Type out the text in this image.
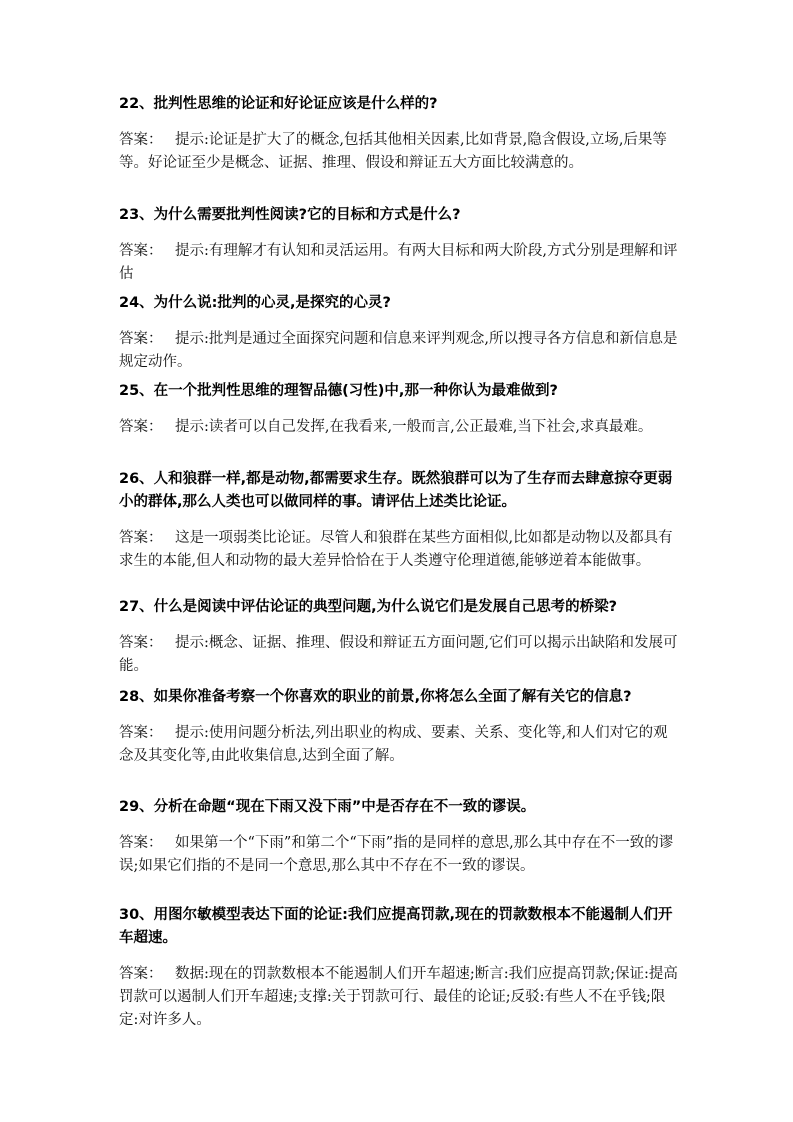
22、批判性思维的论证和好论证应该是什么样的?

答案： 提示:论证是扩大了的概念,包括其他相关因素,比如背景,隐含假设,立场,后果等等。好论证至少是概念、证据、推理、假设和辩证五大方面比较满意的。

23、为什么需要批判性阅读?它的目标和方式是什么?

答案： 提示:有理解才有认知和灵活运用。有两大目标和两大阶段,方式分别是理解和评估

24、为什么说:批判的心灵,是探究的心灵?

答案： 提示:批判是通过全面探究问题和信息来评判观念,所以搜寻各方信息和新信息是规定动作。

25、在一个批判性思维的理智品德(习性)中,那一种你认为最难做到?

答案： 提示:读者可以自己发挥,在我看来,一般而言,公正最难,当下社会,求真最难。

26、人和狼群一样,都是动物,都需要求生存。既然狼群可以为了生存而去肆意掠夺更弱小的群体,那么人类也可以做同样的事。请评估上述类比论证。

答案： 这是一项弱类比论证。尽管人和狼群在某些方面相似,比如都是动物以及都具有求生的本能,但人和动物的最大差异恰恰在于人类遵守伦理道德,能够逆着本能做事。

27、什么是阅读中评估论证的典型问题,为什么说它们是发展自己思考的桥梁?

答案： 提示:概念、证据、推理、假设和辩证五方面问题,它们可以揭示出缺陷和发展可能。

28、如果你准备考察一个你喜欢的职业的前景,你将怎么全面了解有关它的信息?

答案： 提示:使用问题分析法,列出职业的构成、要素、关系、变化等,和人们对它的观念及其变化等,由此收集信息,达到全面了解。

29、分析在命题“现在下雨又没下雨”中是否存在不一致的谬误。

答案： 如果第一个“下雨”和第二个“下雨”指的是同样的意思,那么其中存在不一致的谬误;如果它们指的不是同一个意思,那么其中不存在不一致的谬误。

30、用图尔敏模型表达下面的论证:我们应提高罚款,现在的罚款数根本不能遏制人们开车超速。

答案： 数据:现在的罚款数根本不能遏制人们开车超速;断言:我们应提高罚款;保证:提高罚款可以遏制人们开车超速;支撑:关于罚款可行、最佳的论证;反驳:有些人不在乎钱;限定:对许多人。
